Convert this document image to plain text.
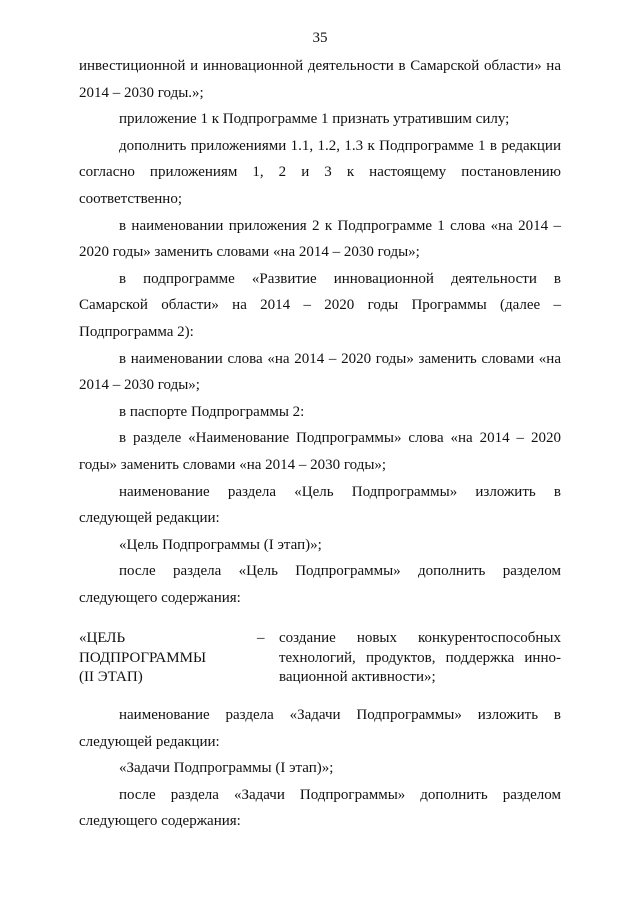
35

инвестиционной и инновационной деятельности в Самарской области» на 2014 – 2030 годы.»;

приложение 1 к Подпрограмме 1 признать утратившим силу;

дополнить приложениями 1.1, 1.2, 1.3 к Подпрограмме 1 в редакции согласно приложениям 1, 2 и 3 к настоящему постановлению соответственно;

в наименовании приложения 2 к Подпрограмме 1 слова «на 2014 – 2020 годы» заменить словами «на 2014 – 2030 годы»;

в подпрограмме «Развитие инновационной деятельности в Самарской области» на 2014 – 2020 годы Программы (далее – Подпрограмма 2):

в наименовании слова «на 2014 – 2020 годы» заменить словами «на 2014 – 2030 годы»;

в паспорте Подпрограммы 2:

в разделе «Наименование Подпрограммы» слова «на 2014 – 2020 годы» заменить словами «на 2014 – 2030 годы»;

наименование раздела «Цель Подпрограммы» изложить в следующей редакции:

«Цель Подпрограммы (I этап)»;

после раздела «Цель Подпрограммы» дополнить разделом следующего содержания:

«ЦЕЛЬ
ПОДПРОГРАММЫ
(II ЭТАП)
– создание новых конкурентоспособных
технологий, продуктов, поддержка инно-
вационной активности»;

наименование раздела «Задачи Подпрограммы» изложить в следующей редакции:

«Задачи Подпрограммы (I этап)»;

после раздела «Задачи Подпрограммы» дополнить разделом следующего содержания:
